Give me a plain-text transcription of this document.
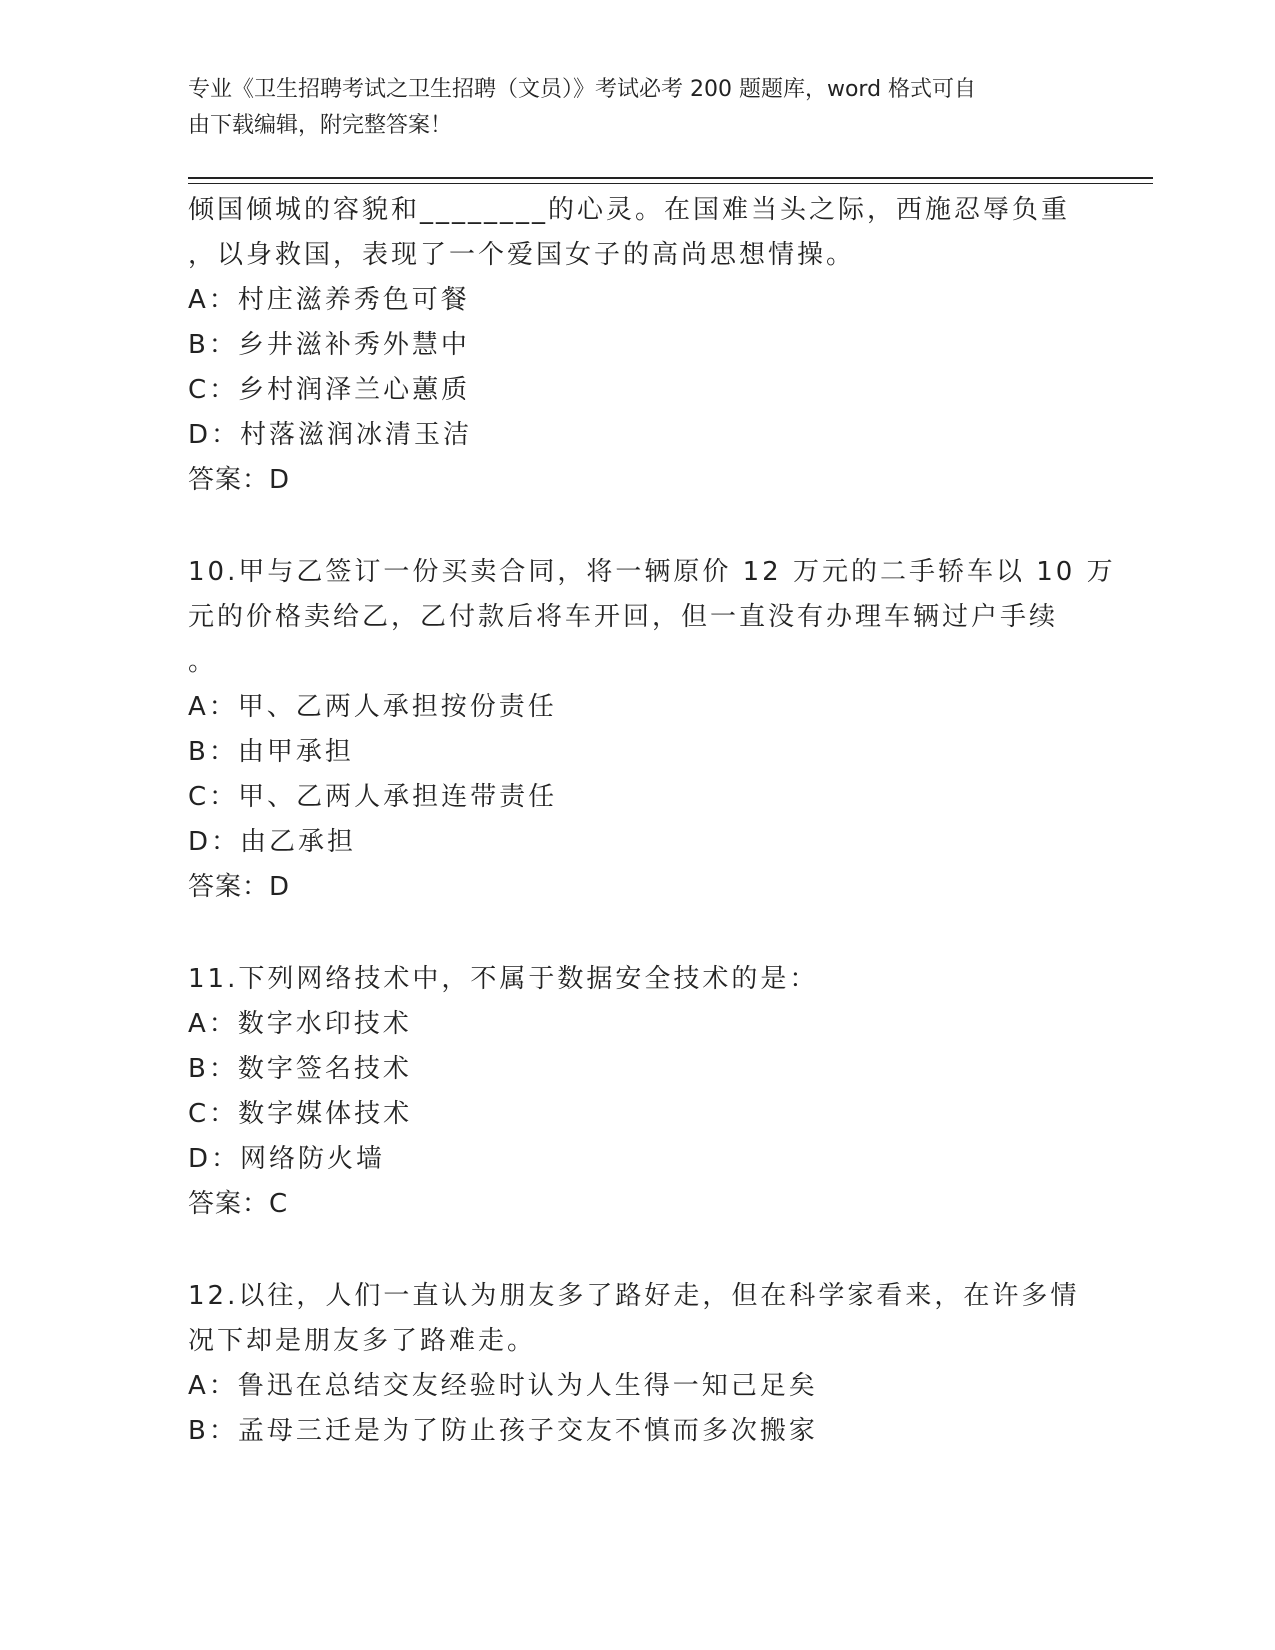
专业《卫生招聘考试之卫生招聘（文员）》考试必考 200 题题库，word 格式可自
由下载编辑，附完整答案！
倾国倾城的容貌和________的心灵。在国难当头之际，西施忍辱负重
，以身救国，表现了一个爱国女子的高尚思想情操。
A：村庄滋养秀色可餐
B：乡井滋补秀外慧中
C：乡村润泽兰心蕙质
D：村落滋润冰清玉洁
答案：D
10.甲与乙签订一份买卖合同，将一辆原价 12 万元的二手轿车以 10 万
元的价格卖给乙，乙付款后将车开回，但一直没有办理车辆过户手续
。
A：甲、乙两人承担按份责任
B：由甲承担
C：甲、乙两人承担连带责任
D：由乙承担
答案：D
11.下列网络技术中，不属于数据安全技术的是：
A：数字水印技术
B：数字签名技术
C：数字媒体技术
D：网络防火墙
答案：C
12.以往，人们一直认为朋友多了路好走，但在科学家看来，在许多情
况下却是朋友多了路难走。
A：鲁迅在总结交友经验时认为人生得一知己足矣
B：孟母三迁是为了防止孩子交友不慎而多次搬家
